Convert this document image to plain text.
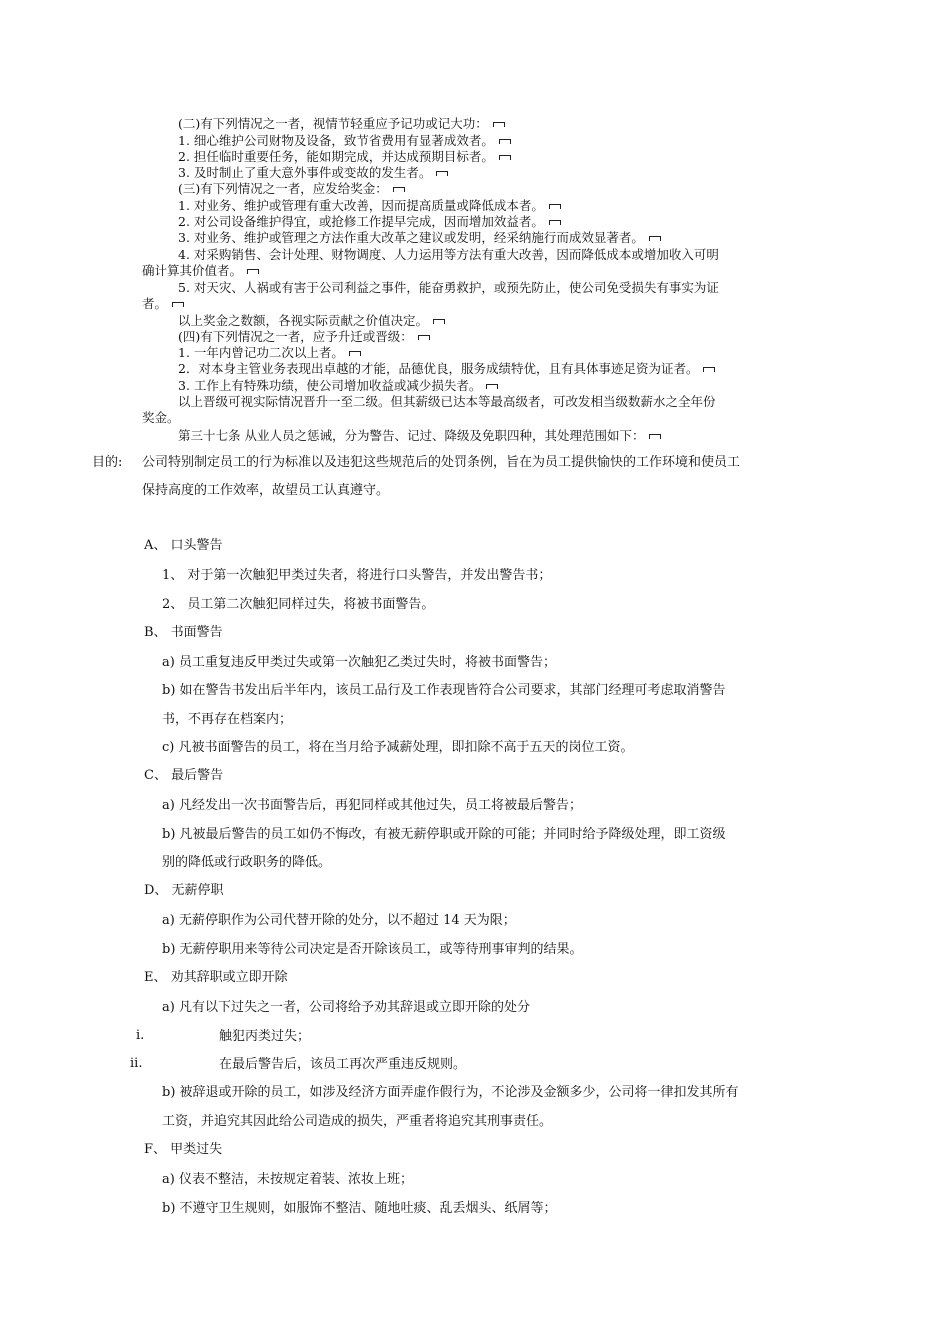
(二)有下列情况之一者，视情节轻重应予记功或记大功：
1. 细心维护公司财物及设备，致节省费用有显著成效者。
2. 担任临时重要任务，能如期完成，并达成预期目标者。
3. 及时制止了重大意外事件或变故的发生者。
(三)有下列情况之一者，应发给奖金：
1. 对业务、维护或管理有重大改善，因而提高质量或降低成本者。
2. 对公司设备维护得宜，或抢修工作提早完成，因而增加效益者。
3. 对业务、维护或管理之方法作重大改革之建议或发明，经采纳施行而成效显著者。
4. 对采购销售、会计处理、财物调度、人力运用等方法有重大改善，因而降低成本或增加收入可明
确计算其价值者。
5. 对天灾、人祸或有害于公司利益之事件，能奋勇救护，或预先防止，使公司免受损失有事实为证
者。
以上奖金之数额，各视实际贡献之价值决定。
(四)有下列情况之一者，应予升迁或晋级：
1. 一年内曾记功二次以上者。
2．对本身主管业务表现出卓越的才能，品德优良，服务成绩特优，且有具体事迹足资为证者。
3. 工作上有特殊功绩，使公司增加收益或减少损失者。
以上晋级可视实际情况晋升一至二级。但其薪级已达本等最高级者，可改发相当级数薪水之全年份
奖金。
第三十七条 从业人员之惩诫，分为警告、记过、降级及免职四种，其处理范围如下：
目的: 公司特别制定员工的行为标准以及违犯这些规范后的处罚条例，旨在为员工提供愉快的工作环境和使员工
保持高度的工作效率，故望员工认真遵守。
A、 口头警告
1、 对于第一次触犯甲类过失者，将进行口头警告，并发出警告书；
2、 员工第二次触犯同样过失，将被书面警告。
B、 书面警告
a) 员工重复违反甲类过失或第一次触犯乙类过失时，将被书面警告；
b) 如在警告书发出后半年内，该员工品行及工作表现皆符合公司要求，其部门经理可考虑取消警告
书，不再存在档案内；
c) 凡被书面警告的员工，将在当月给予减薪处理，即扣除不高于五天的岗位工资。
C、 最后警告
a) 凡经发出一次书面警告后，再犯同样或其他过失，员工将被最后警告；
b) 凡被最后警告的员工如仍不悔改，有被无薪停职或开除的可能；并同时给予降级处理，即工资级
别的降低或行政职务的降低。
D、 无薪停职
a) 无薪停职作为公司代替开除的处分，以不超过 14 天为限；
b) 无薪停职用来等待公司决定是否开除该员工，或等待刑事审判的结果。
E、 劝其辞职或立即开除
a) 凡有以下过失之一者，公司将给予劝其辞退或立即开除的处分
i.	触犯丙类过失；
ii.	在最后警告后，该员工再次严重违反规则。
b) 被辞退或开除的员工，如涉及经济方面弄虚作假行为，不论涉及金额多少，公司将一律扣发其所有
工资，并追究其因此给公司造成的损失，严重者将追究其刑事责任。
F、 甲类过失
a) 仪表不整洁，未按规定着装、浓妆上班；
b) 不遵守卫生规则，如服饰不整洁、随地吐痰、乱丢烟头、纸屑等；
